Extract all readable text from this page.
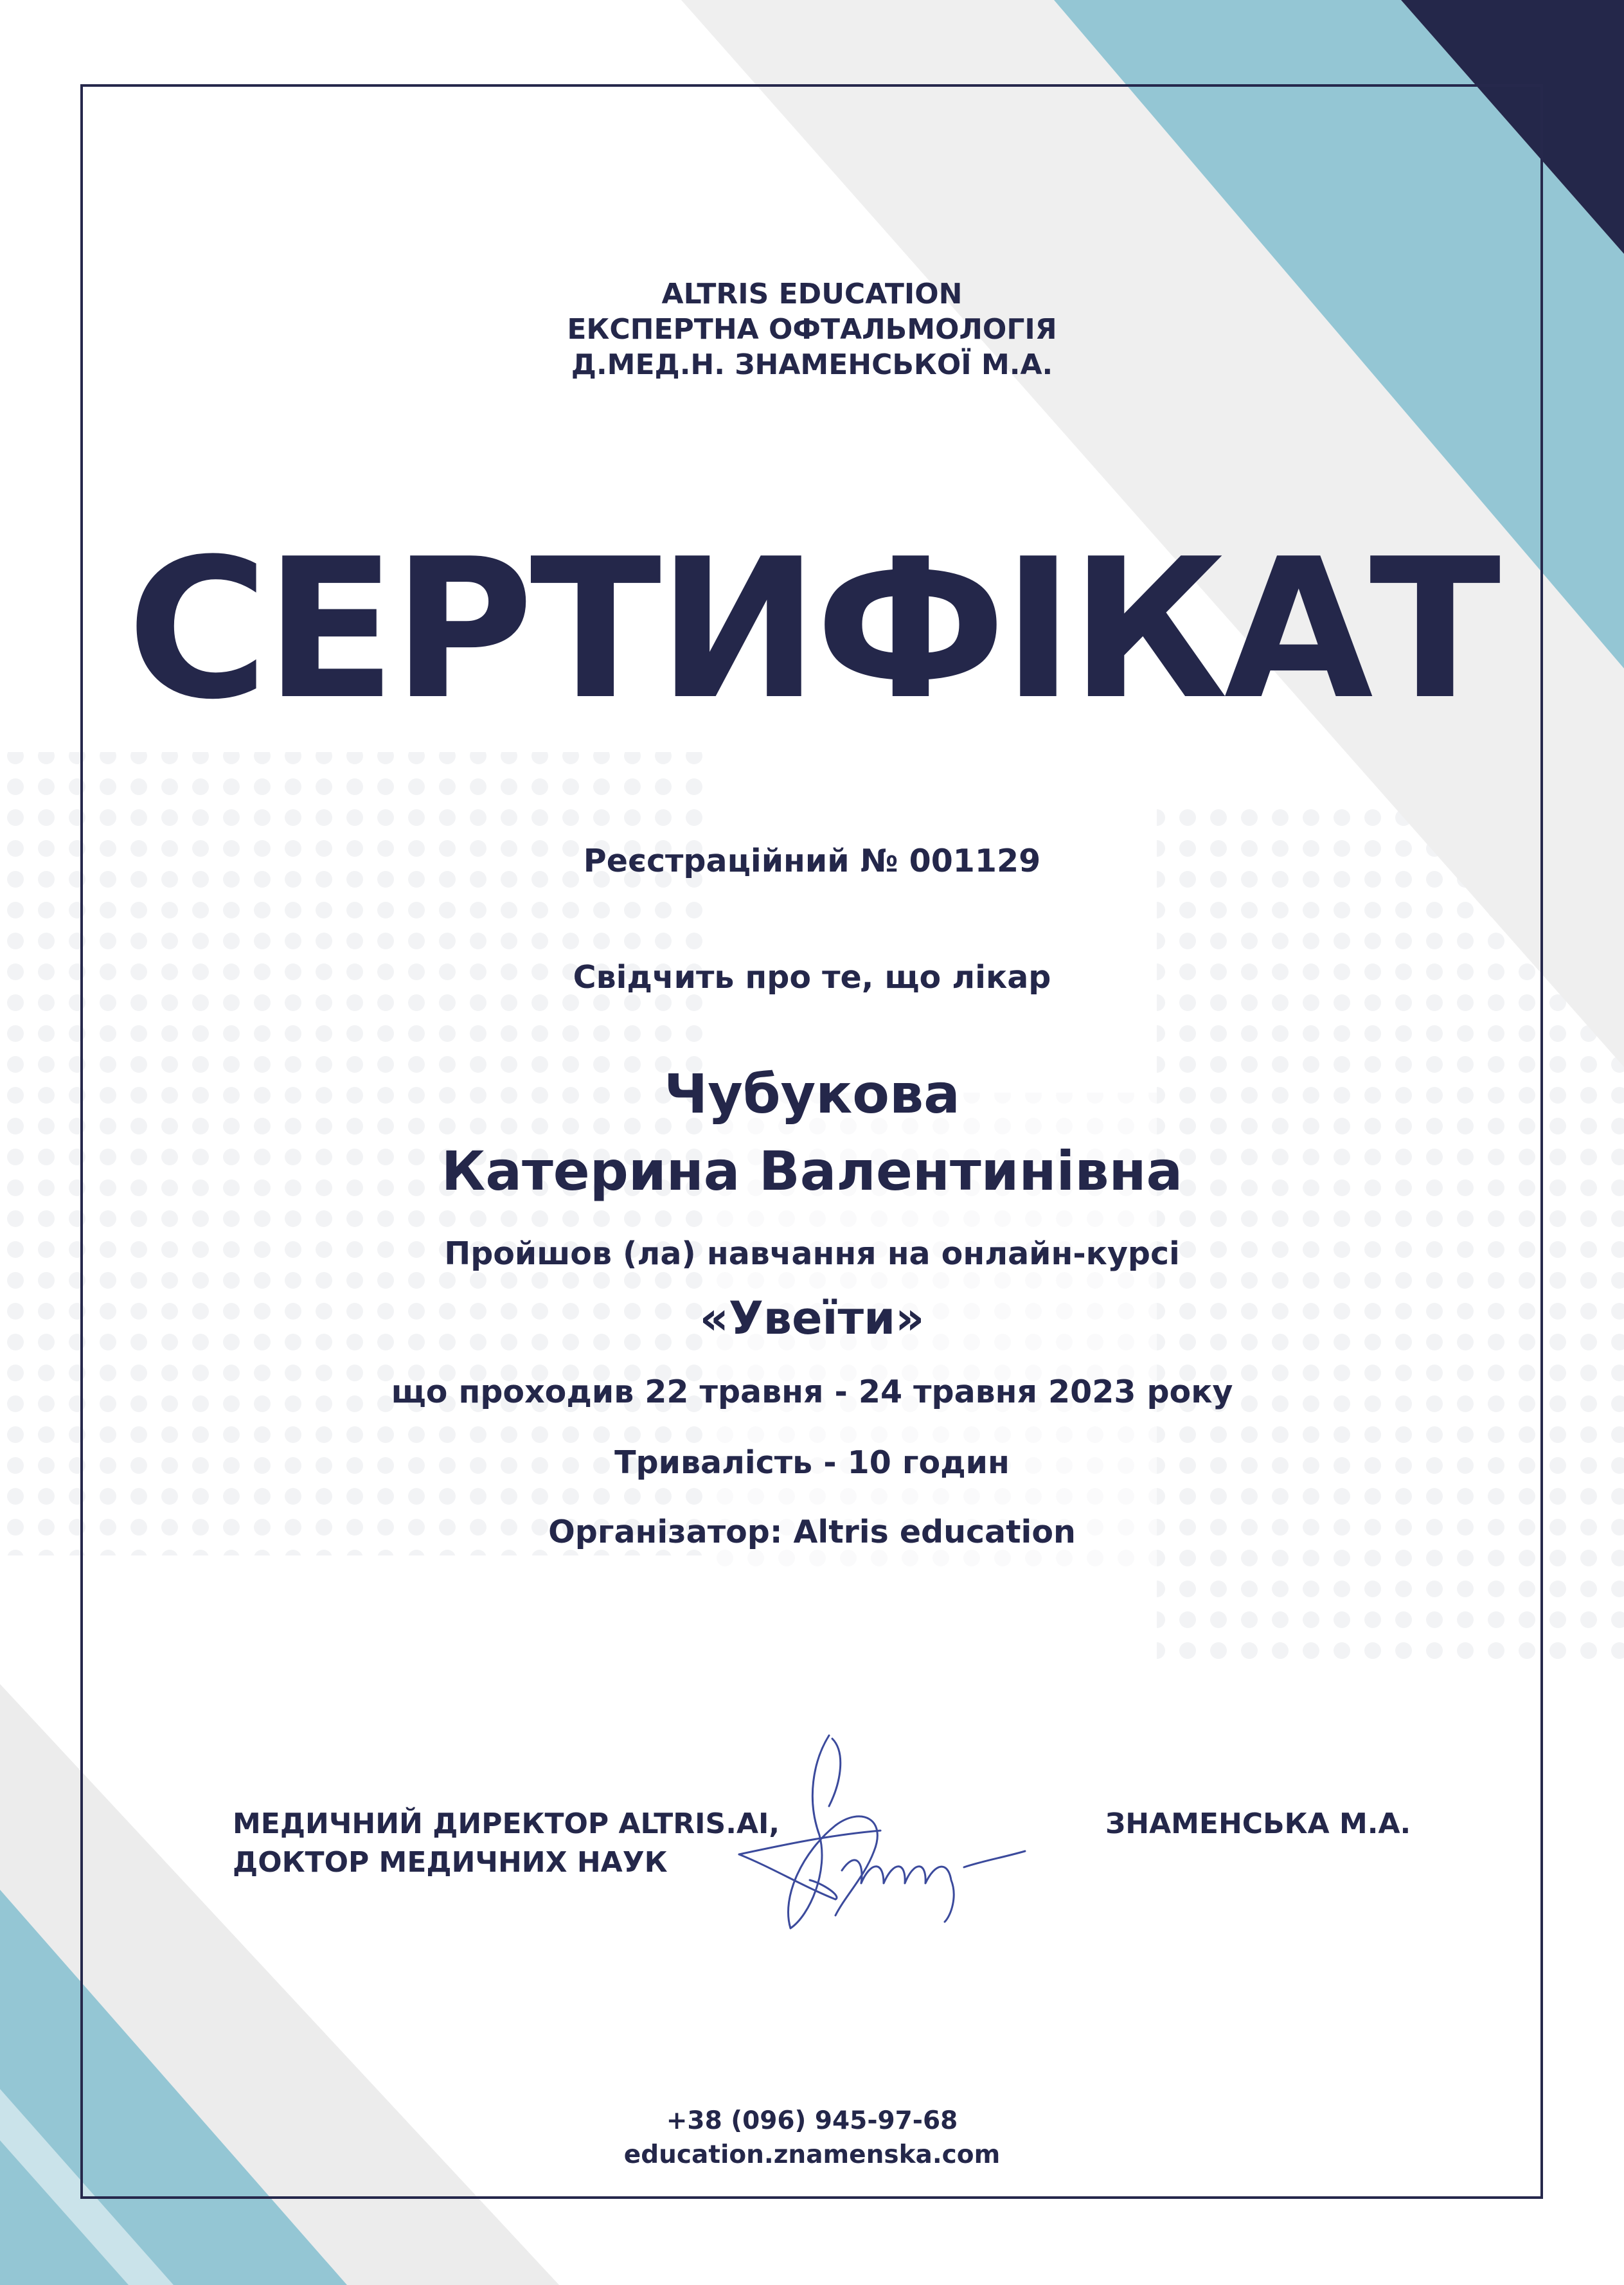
ALTRIS EDUCATION
ЕКСПЕРТНА ОФТАЛЬМОЛОГІЯ
Д.МЕД.Н. ЗНАМЕНСЬКОЇ М.А.
СЕРТИФІКАТ
Реєстраційний № 001129
Свідчить про те, що лікар
Чубукова
Катерина Валентинівна
Пройшов (ла) навчання на онлайн-курсі
«Увеїти»
що проходив 22 травня - 24 травня 2023 року
Тривалість - 10 годин
Організатор: Altris education
МЕДИЧНИЙ ДИРЕКТОР ALTRIS.AI,
ДОКТОР МЕДИЧНИХ НАУК
ЗНАМЕНСЬКА М.А.
+38 (096) 945-97-68
education.znamenska.com
